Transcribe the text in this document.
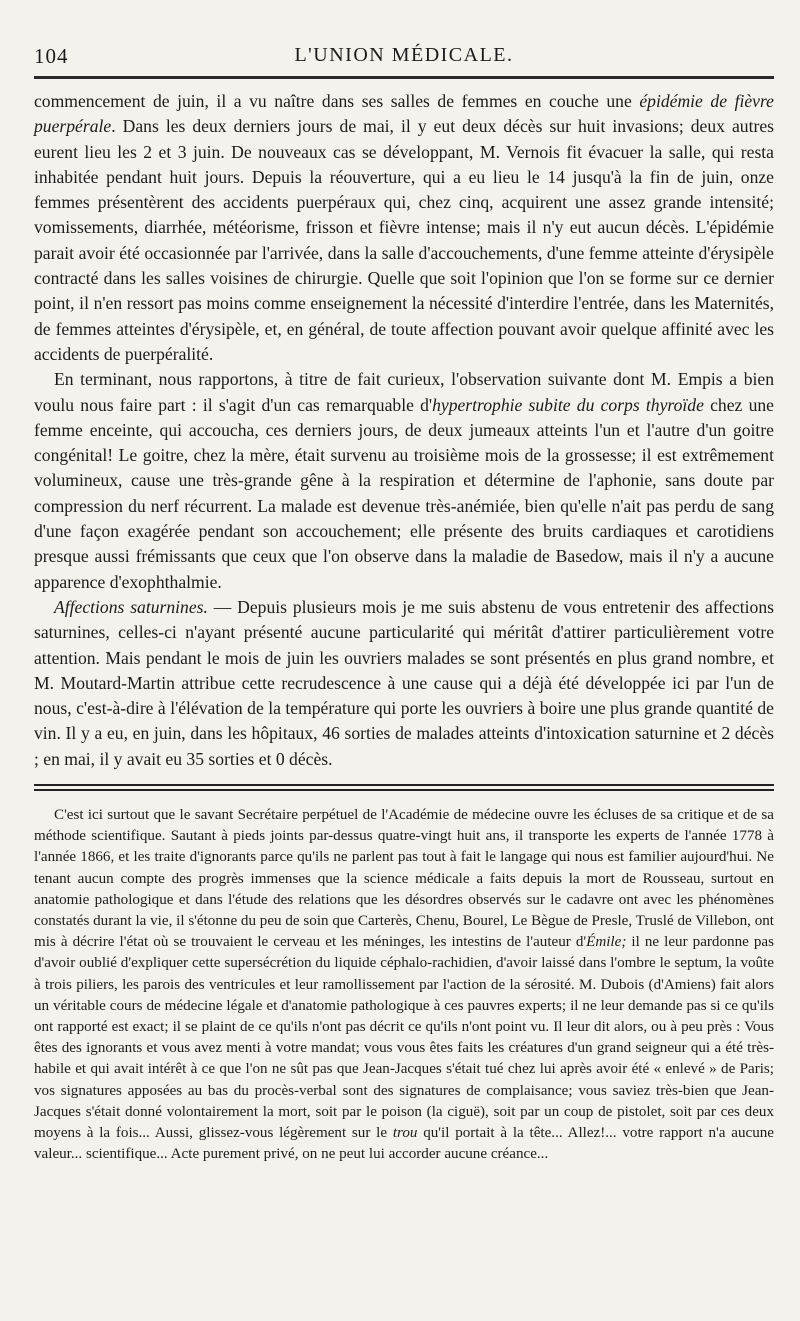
104	L'UNION MÉDICALE.

commencement de juin, il a vu naître dans ses salles de femmes en couche une épidémie de fièvre puerpérale. Dans les deux derniers jours de mai, il y eut deux décès sur huit invasions; deux autres eurent lieu les 2 et 3 juin. De nouveaux cas se développant, M. Vernois fit évacuer la salle, qui resta inhabitée pendant huit jours. Depuis la réouverture, qui a eu lieu le 14 jusqu'à la fin de juin, onze femmes présentèrent des accidents puerpéraux qui, chez cinq, acquirent une assez grande intensité; vomissements, diarrhée, météorisme, frisson et fièvre intense; mais il n'y eut aucun décès. L'épidémie parait avoir été occasionnée par l'arrivée, dans la salle d'accouchements, d'une femme atteinte d'érysipèle contracté dans les salles voisines de chirurgie. Quelle que soit l'opinion que l'on se forme sur ce dernier point, il n'en ressort pas moins comme enseignement la nécessité d'interdire l'entrée, dans les Maternités, de femmes atteintes d'érysipèle, et, en général, de toute affection pouvant avoir quelque affinité avec les accidents de puerpéralité.

En terminant, nous rapportons, à titre de fait curieux, l'observation suivante dont M. Empis a bien voulu nous faire part : il s'agit d'un cas remarquable d'hypertrophie subite du corps thyroïde chez une femme enceinte, qui accoucha, ces derniers jours, de deux jumeaux atteints l'un et l'autre d'un goitre congénital! Le goitre, chez la mère, était survenu au troisième mois de la grossesse; il est extrêmement volumineux, cause une très-grande gêne à la respiration et détermine de l'aphonie, sans doute par compression du nerf récurrent. La malade est devenue très-anémiée, bien qu'elle n'ait pas perdu de sang d'une façon exagérée pendant son accouchement; elle présente des bruits cardiaques et carotidiens presque aussi frémissants que ceux que l'on observe dans la maladie de Basedow, mais il n'y a aucune apparence d'exophthalmie.

Affections saturnines. — Depuis plusieurs mois je me suis abstenu de vous entretenir des affections saturnines, celles-ci n'ayant présenté aucune particularité qui méritât d'attirer particulièrement votre attention. Mais pendant le mois de juin les ouvriers malades se sont présentés en plus grand nombre, et M. Moutard-Martin attribue cette recrudescence à une cause qui a déjà été développée ici par l'un de nous, c'est-à-dire à l'élévation de la température qui porte les ouvriers à boire une plus grande quantité de vin. Il y a eu, en juin, dans les hôpitaux, 46 sorties de malades atteints d'intoxication saturnine et 2 décès ; en mai, il y avait eu 35 sorties et 0 décès.

C'est ici surtout que le savant Secrétaire perpétuel de l'Académie de médecine ouvre les écluses de sa critique et de sa méthode scientifique. Sautant à pieds joints par-dessus quatre-vingt huit ans, il transporte les experts de l'année 1778 à l'année 1866, et les traite d'ignorants parce qu'ils ne parlent pas tout à fait le langage qui nous est familier aujourd'hui. Ne tenant aucun compte des progrès immenses que la science médicale a faits depuis la mort de Rousseau, surtout en anatomie pathologique et dans l'étude des relations que les désordres observés sur le cadavre ont avec les phénomènes constatés durant la vie, il s'étonne du peu de soin que Carterès, Chenu, Bourel, Le Bègue de Presle, Truslé de Villebon, ont mis à décrire l'état où se trouvaient le cerveau et les méninges, les intestins de l'auteur d'Émile; il ne leur pardonne pas d'avoir oublié d'expliquer cette supersécrétion du liquide céphalo-rachidien, d'avoir laissé dans l'ombre le septum, la voûte à trois piliers, les parois des ventricules et leur ramollissement par l'action de la sérosité. M. Dubois (d'Amiens) fait alors un véritable cours de médecine légale et d'anatomie pathologique à ces pauvres experts; il ne leur demande pas si ce qu'ils ont rapporté est exact; il se plaint de ce qu'ils n'ont pas décrit ce qu'ils n'ont point vu. Il leur dit alors, ou à peu près : Vous êtes des ignorants et vous avez menti à votre mandat; vous vous êtes faits les créatures d'un grand seigneur qui a été très-habile et qui avait intérêt à ce que l'on ne sût pas que Jean-Jacques s'était tué chez lui après avoir été « enlevé » de Paris; vos signatures apposées au bas du procès-verbal sont des signatures de complaisance; vous saviez très-bien que Jean-Jacques s'était donné volontairement la mort, soit par le poison (la ciguë), soit par un coup de pistolet, soit par ces deux moyens à la fois... Aussi, glissez-vous légèrement sur le trou qu'il portait à la tête... Allez!... votre rapport n'a aucune valeur... scientifique... Acte purement privé, on ne peut lui accorder aucune créance...
